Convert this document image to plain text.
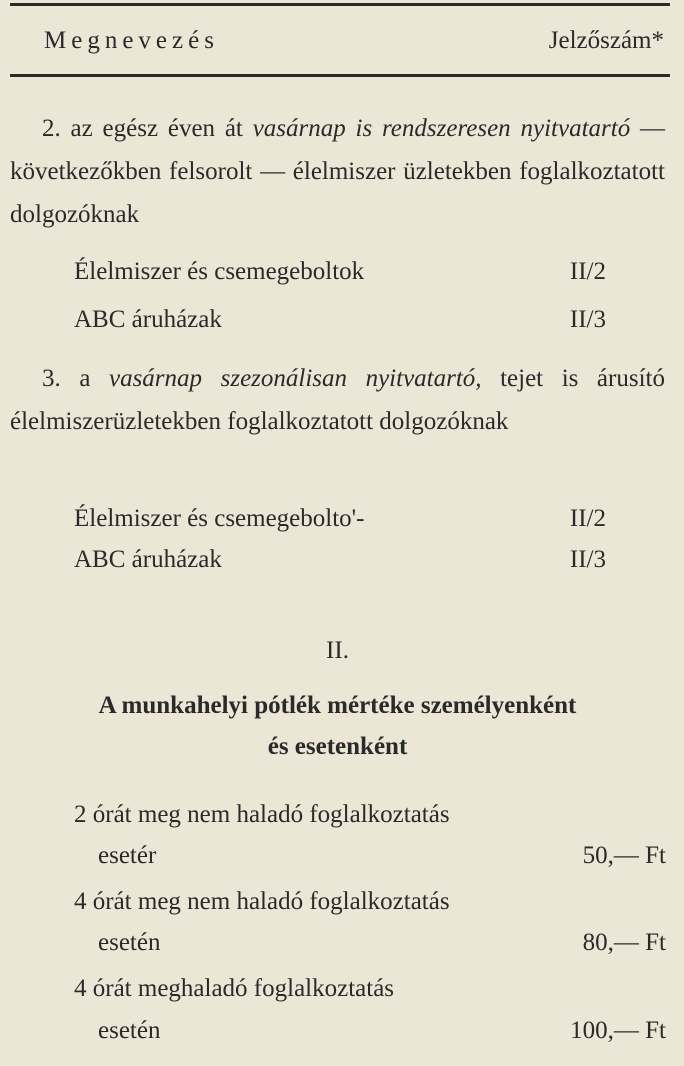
Megnevezés	Jelzőszám*
2. az egész éven át vasárnap is rendszeresen nyitvatartó — következőkben felsorolt — élelmiszer üzletekben foglalkoztatott dolgozóknak
Élelmiszer és csemegeboltok	II/2
ABC áruházak	II/3
3. a vasárnap szezonálisan nyitvatartó, tejet is árusító élelmiszerüzletekben foglalkoztatott dolgozóknak
Élelmiszer és csemegebolto'-	II/2
ABC áruházak	II/3
II.
A munkahelyi pótlék mértéke személyenként
és esetenként
2 órát meg nem haladó foglalkoztatás
esetér	50,— Ft
4 órát meg nem haladó foglalkoztatás
esetén	80,— Ft
4 órát meghaladó foglalkoztatás
esetén	100,— Ft
